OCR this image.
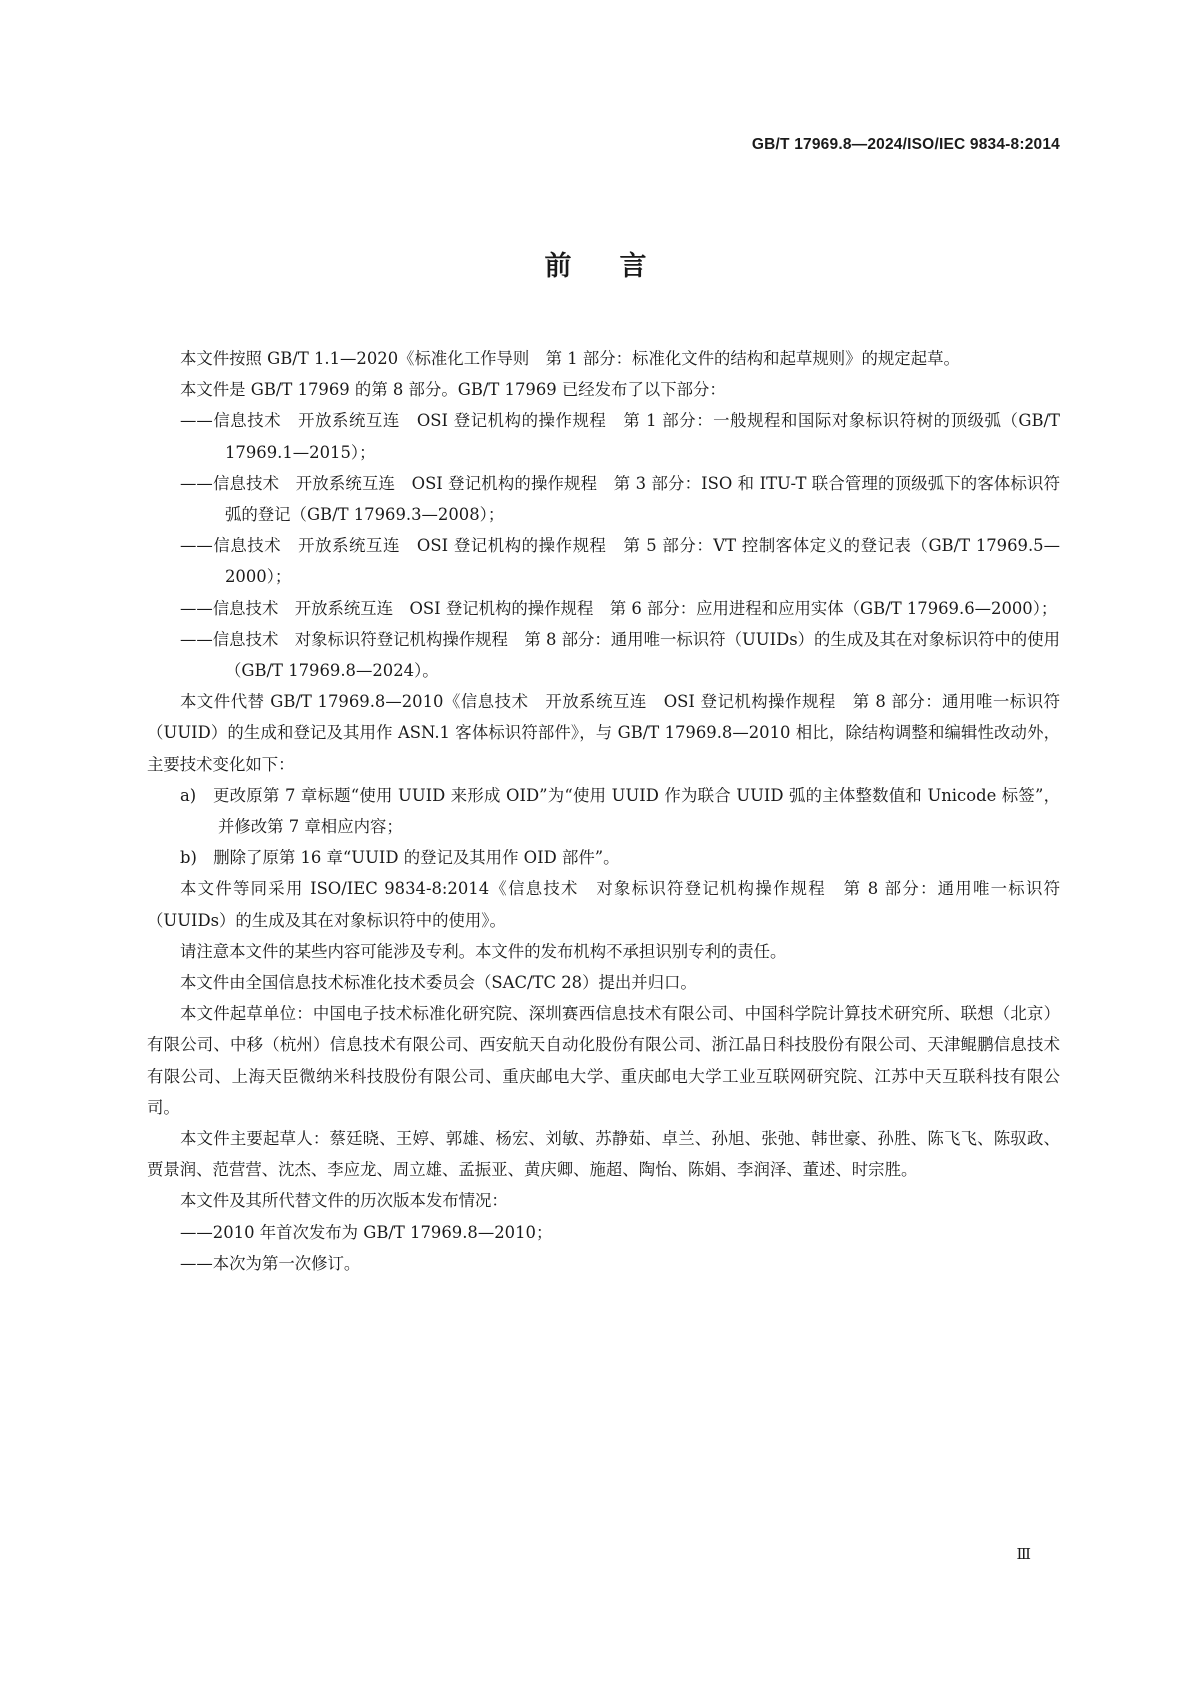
GB/T 17969.8—2024/ISO/IEC 9834-8:2014
前言

本文件按照 GB/T 1.1—2020《标准化工作导则　第 1 部分：标准化文件的结构和起草规则》的规定起草。

本文件是 GB/T 17969 的第 8 部分。GB/T 17969 已经发布了以下部分：

——信息技术　开放系统互连　OSI 登记机构的操作规程　第 1 部分：一般规程和国际对象标识符树的顶级弧（GB/T 17969.1—2015）；

——信息技术　开放系统互连　OSI 登记机构的操作规程　第 3 部分：ISO 和 ITU-T 联合管理的顶级弧下的客体标识符弧的登记（GB/T 17969.3—2008）；

——信息技术　开放系统互连　OSI 登记机构的操作规程　第 5 部分：VT 控制客体定义的登记表（GB/T 17969.5—2000）；

——信息技术　开放系统互连　OSI 登记机构的操作规程　第 6 部分：应用进程和应用实体（GB/T 17969.6—2000）；

——信息技术　对象标识符登记机构操作规程　第 8 部分：通用唯一标识符（UUIDs）的生成及其在对象标识符中的使用（GB/T 17969.8—2024）。

本文件代替 GB/T 17969.8—2010《信息技术　开放系统互连　OSI 登记机构操作规程　第 8 部分：通用唯一标识符（UUID）的生成和登记及其用作 ASN.1 客体标识符部件》，与 GB/T 17969.8—2010 相比，除结构调整和编辑性改动外，主要技术变化如下：

a)　更改原第 7 章标题“使用 UUID 来形成 OID”为“使用 UUID 作为联合 UUID 弧的主体整数值和 Unicode 标签”，并修改第 7 章相应内容；

b)　删除了原第 16 章“UUID 的登记及其用作 OID 部件”。

本文件等同采用 ISO/IEC 9834-8:2014《信息技术　对象标识符登记机构操作规程　第 8 部分：通用唯一标识符（UUIDs）的生成及其在对象标识符中的使用》。

请注意本文件的某些内容可能涉及专利。本文件的发布机构不承担识别专利的责任。

本文件由全国信息技术标准化技术委员会（SAC/TC 28）提出并归口。

本文件起草单位：中国电子技术标准化研究院、深圳赛西信息技术有限公司、中国科学院计算技术研究所、联想（北京）有限公司、中移（杭州）信息技术有限公司、西安航天自动化股份有限公司、浙江晶日科技股份有限公司、天津鲲鹏信息技术有限公司、上海天臣微纳米科技股份有限公司、重庆邮电大学、重庆邮电大学工业互联网研究院、江苏中天互联科技有限公司。

本文件主要起草人：蔡廷晓、王婷、郭雄、杨宏、刘敏、苏静茹、卓兰、孙旭、张弛、韩世豪、孙胜、陈飞飞、陈驭政、贾景润、范营营、沈杰、李应龙、周立雄、孟振亚、黄庆卿、施超、陶怡、陈娟、李润泽、董述、时宗胜。

本文件及其所代替文件的历次版本发布情况：

——2010 年首次发布为 GB/T 17969.8—2010；

——本次为第一次修订。

Ⅲ
